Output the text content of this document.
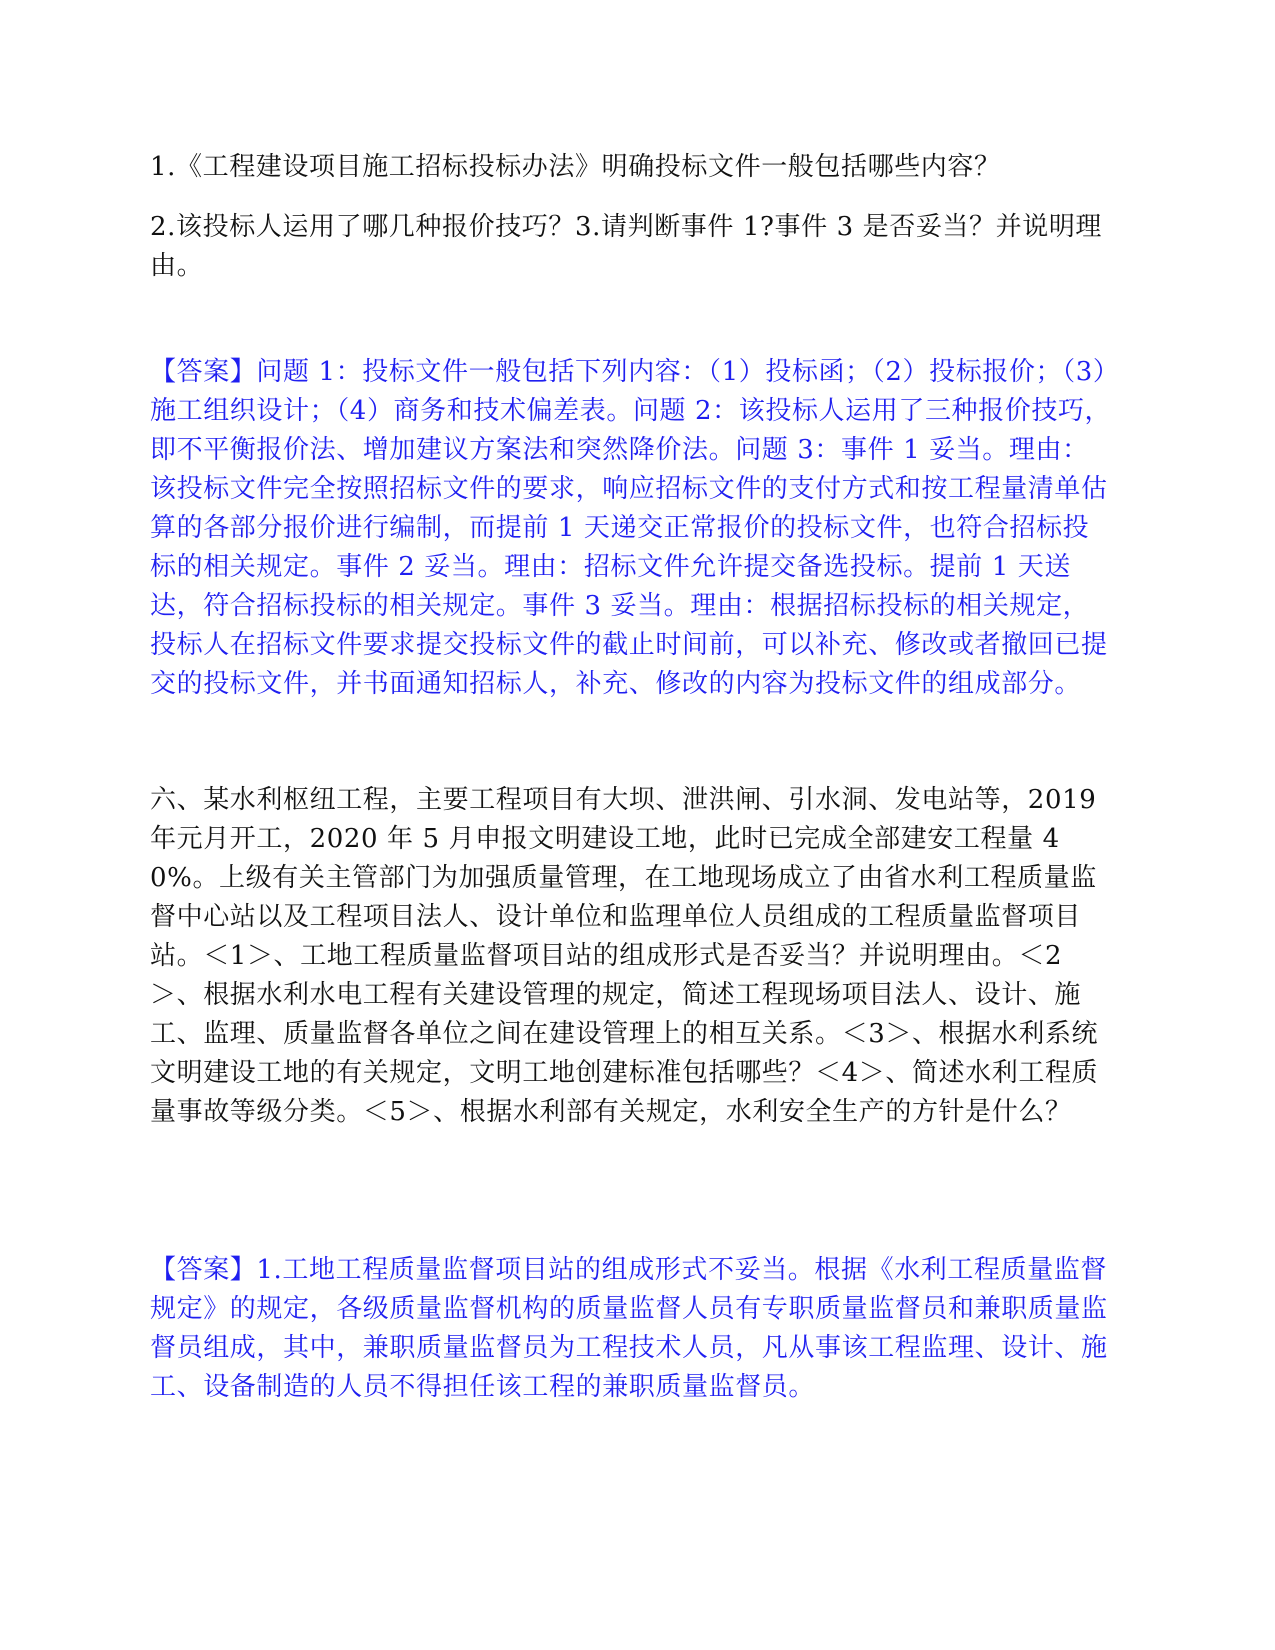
1.《工程建设项目施工招标投标办法》明确投标文件一般包括哪些内容？

2.该投标人运用了哪几种报价技巧？3.请判断事件 1?事件 3 是否妥当？并说明理由。

【答案】问题 1：投标文件一般包括下列内容：（1）投标函；（2）投标报价；（3）施工组织设计；（4）商务和技术偏差表。问题 2：该投标人运用了三种报价技巧，即不平衡报价法、增加建议方案法和突然降价法。问题 3：事件 1 妥当。理由：该投标文件完全按照招标文件的要求，响应招标文件的支付方式和按工程量清单估算的各部分报价进行编制，而提前 1 天递交正常报价的投标文件，也符合招标投标的相关规定。事件 2 妥当。理由：招标文件允许提交备选投标。提前 1 天送达，符合招标投标的相关规定。事件 3 妥当。理由：根据招标投标的相关规定，投标人在招标文件要求提交投标文件的截止时间前，可以补充、修改或者撤回已提交的投标文件，并书面通知招标人，补充、修改的内容为投标文件的组成部分。

六、某水利枢纽工程，主要工程项目有大坝、泄洪闸、引水洞、发电站等，2019 年元月开工，2020 年 5 月申报文明建设工地，此时已完成全部建安工程量 40%。上级有关主管部门为加强质量管理，在工地现场成立了由省水利工程质量监督中心站以及工程项目法人、设计单位和监理单位人员组成的工程质量监督项目站。＜1＞、工地工程质量监督项目站的组成形式是否妥当？并说明理由。＜2＞、根据水利水电工程有关建设管理的规定，简述工程现场项目法人、设计、施工、监理、质量监督各单位之间在建设管理上的相互关系。＜3＞、根据水利系统文明建设工地的有关规定，文明工地创建标准包括哪些？＜4＞、简述水利工程质量事故等级分类。＜5＞、根据水利部有关规定，水利安全生产的方针是什么？

【答案】1.工地工程质量监督项目站的组成形式不妥当。根据《水利工程质量监督规定》的规定，各级质量监督机构的质量监督人员有专职质量监督员和兼职质量监督员组成，其中，兼职质量监督员为工程技术人员，凡从事该工程监理、设计、施工、设备制造的人员不得担任该工程的兼职质量监督员。
